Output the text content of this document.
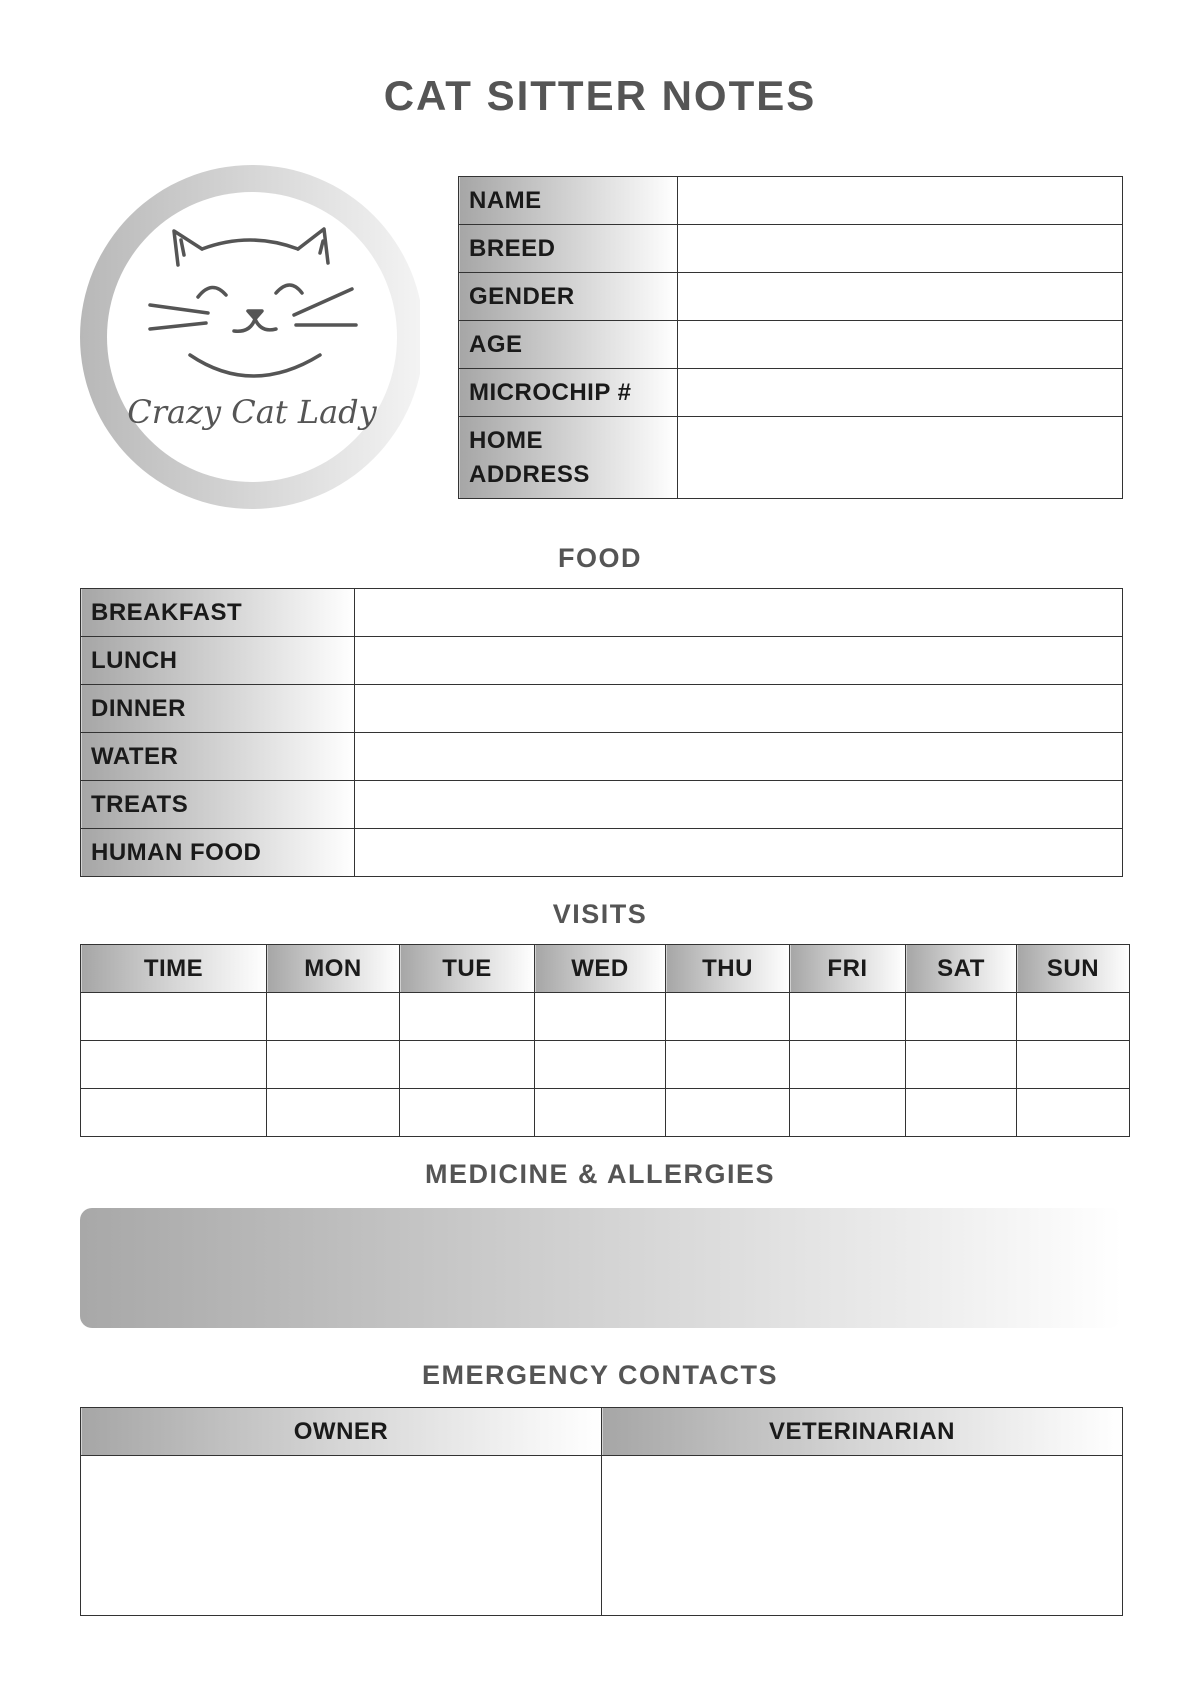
CAT SITTER NOTES
Crazy Cat Lady
NAME	
BREED	
GENDER	
AGE	
MICROCHIP #	
HOME
ADDRESS	
FOOD
BREAKFAST	
LUNCH	
DINNER	
WATER	
TREATS	
HUMAN FOOD	
VISITS
TIME	MON	TUE	WED	THU	FRI	SAT	SUN

MEDICINE & ALLERGIES
EMERGENCY CONTACTS
OWNER	VETERINARIAN
